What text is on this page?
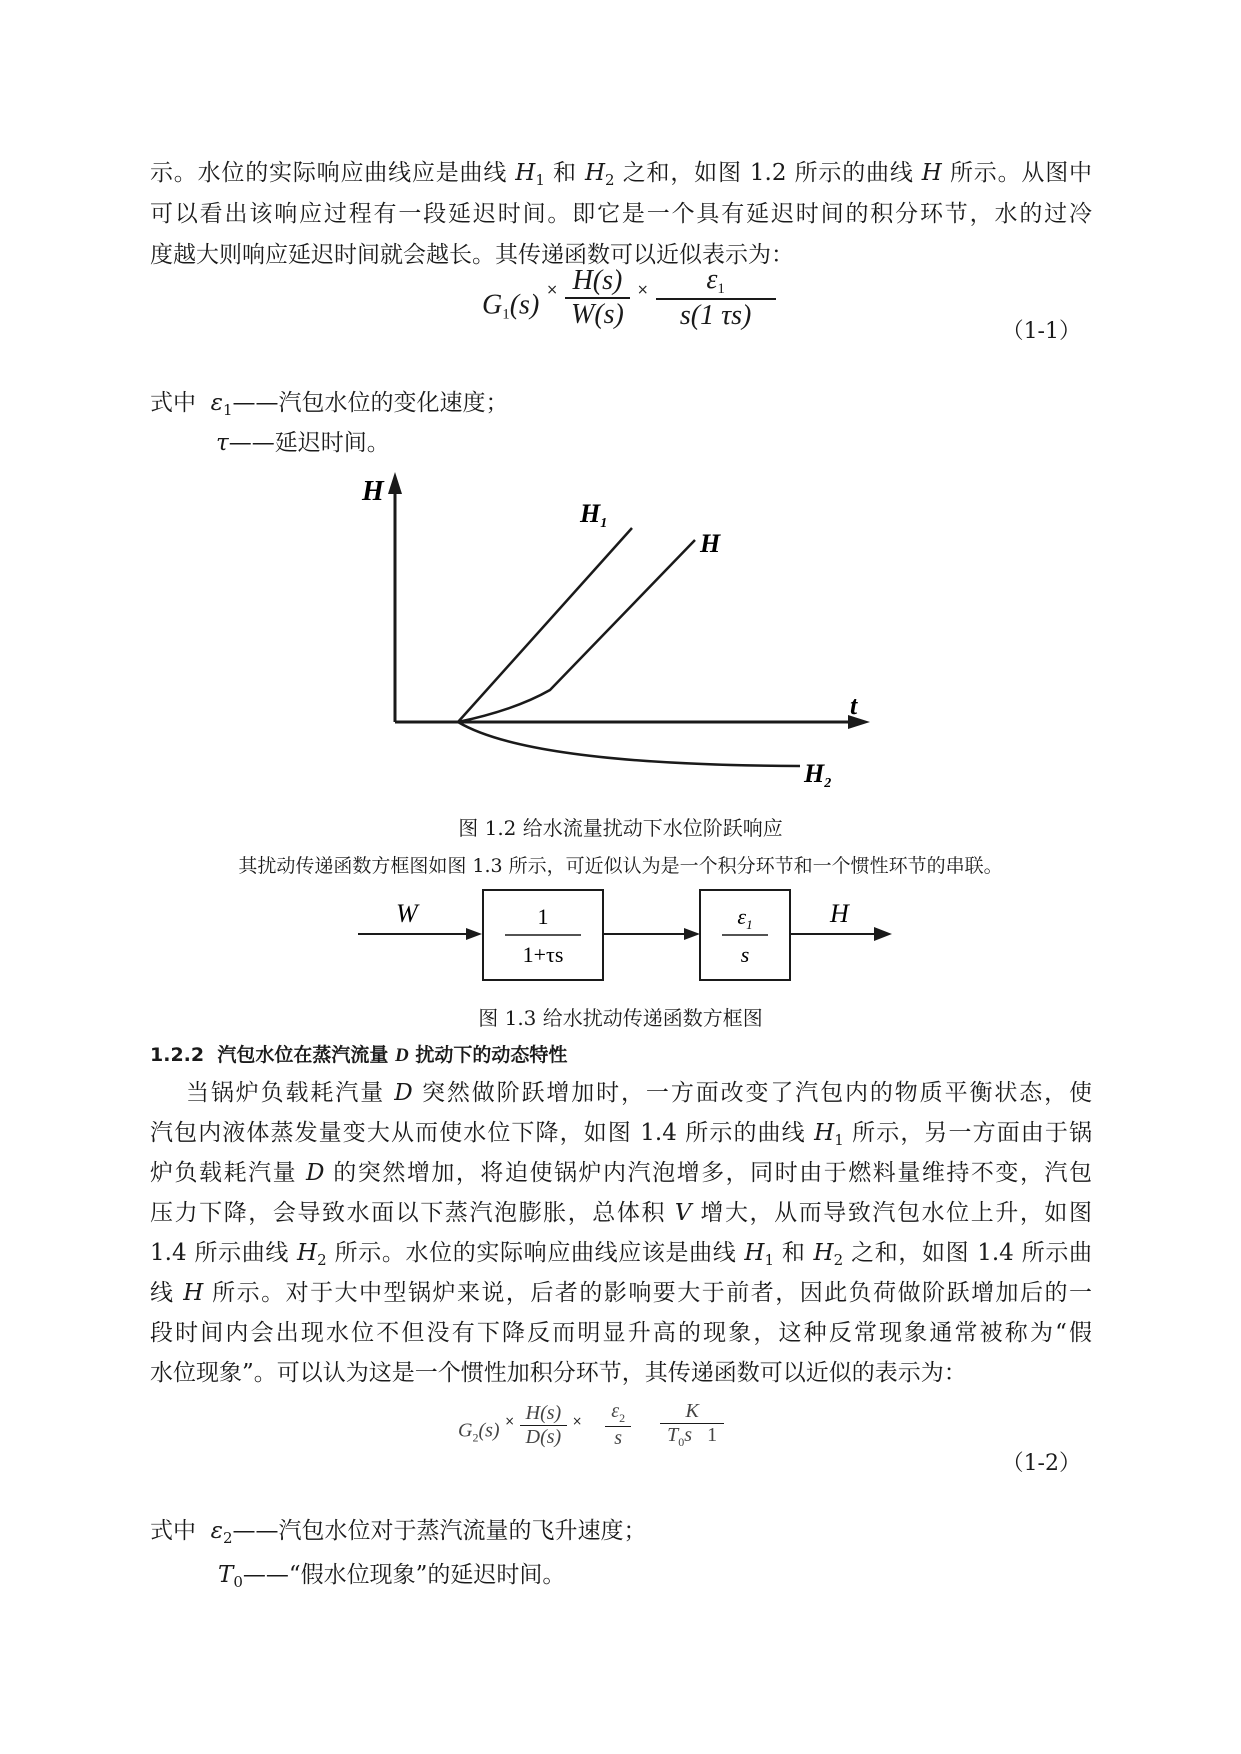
示。水位的实际响应曲线应是曲线 $H_1$ 和 $H_2$ 之和，如图 1.2 所示的曲线 H 所示。从图中
可以看出该响应过程有一段延迟时间。即它是一个具有延迟时间的积分环节，水的过冷
度越大则响应延迟时间就会越长。其传递函数可以近似表示为：
$G_1(s)$ $^\times \frac{H(s)}{W(s)} ^\times \frac{\varepsilon_1}{s(1 \tau s)}$	（1-1）
式中 $\varepsilon_1——$汽包水位的变化速度；
τ——延迟时间。
H
t
H1
H
H2
图 1.2 给水流量扰动下水位阶跃响应
其扰动传递函数方框图如图 1.3 所示，可近似认为是一个积分环节和一个惯性环节的串联。
W	1
1+τs
$\varepsilon_1$
s
H
图 1.3 给水扰动传递函数方框图
1.2.2 汽包水位在蒸汽流量 D 扰动下的动态特性
当锅炉负载耗汽量 D 突然做阶跃增加时，一方面改变了汽包内的物质平衡状态，使
汽包内液体蒸发量变大从而使水位下降，如图 1.4 所示的曲线 $H_1$ 所示，另一方面由于锅
炉负载耗汽量 D 的突然增加，将迫使锅炉内汽泡增多，同时由于燃料量维持不变，汽包
压力下降，会导致水面以下蒸汽泡膨胀，总体积 V 增大，从而导致汽包水位上升，如图
1.4 所示曲线 $H_2$ 所示。水位的实际响应曲线应该是曲线 $H_1$ 和 $H_2$ 之和，如图 1.4 所示曲
线 H 所示。对于大中型锅炉来说，后者的影响要大于前者，因此负荷做阶跃增加后的一
段时间内会出现水位不但没有下降反而明显升高的现象，这种反常现象通常被称为“假
水位现象”。可以认为这是一个惯性加积分环节，其传递函数可以近似的表示为：
$G_2(s)$ $^\times \frac{H(s)}{D(s)} ^\times \frac{\varepsilon_2}{s}$
$\frac{K}{T_0s 1}$
（1-2）
式中 $\varepsilon_2——$汽包水位对于蒸汽流量的飞升速度；
$T_0——“$假水位现象”的延迟时间。
